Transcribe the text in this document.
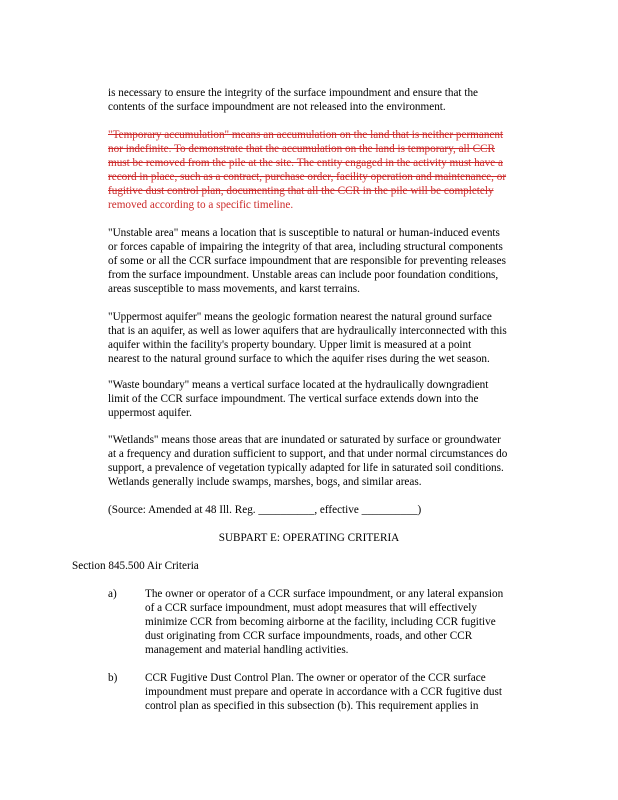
is necessary to ensure the integrity of the surface impoundment and ensure that the
contents of the surface impoundment are not released into the environment.
"Temporary accumulation" means an accumulation on the land that is neither permanent
nor indefinite. To demonstrate that the accumulation on the land is temporary, all CCR
must be removed from the pile at the site. The entity engaged in the activity must have a
record in place, such as a contract, purchase order, facility operation and maintenance, or
fugitive dust control plan, documenting that all the CCR in the pile will be completely
removed according to a specific timeline.
"Unstable area" means a location that is susceptible to natural or human-induced events
or forces capable of impairing the integrity of that area, including structural components
of some or all the CCR surface impoundment that are responsible for preventing releases
from the surface impoundment. Unstable areas can include poor foundation conditions,
areas susceptible to mass movements, and karst terrains.
"Uppermost aquifer" means the geologic formation nearest the natural ground surface
that is an aquifer, as well as lower aquifers that are hydraulically interconnected with this
aquifer within the facility's property boundary. Upper limit is measured at a point
nearest to the natural ground surface to which the aquifer rises during the wet season.
"Waste boundary" means a vertical surface located at the hydraulically downgradient
limit of the CCR surface impoundment. The vertical surface extends down into the
uppermost aquifer.
"Wetlands" means those areas that are inundated or saturated by surface or groundwater
at a frequency and duration sufficient to support, and that under normal circumstances do
support, a prevalence of vegetation typically adapted for life in saturated soil conditions.
Wetlands generally include swamps, marshes, bogs, and similar areas.
(Source: Amended at 48 Ill. Reg. __________, effective __________)
SUBPART E: OPERATING CRITERIA
Section 845.500 Air Criteria
a)	The owner or operator of a CCR surface impoundment, or any lateral expansion
of a CCR surface impoundment, must adopt measures that will effectively
minimize CCR from becoming airborne at the facility, including CCR fugitive
dust originating from CCR surface impoundments, roads, and other CCR
management and material handling activities.
b) CCR Fugitive Dust Control Plan. The owner or operator of the CCR surface
impoundment must prepare and operate in accordance with a CCR fugitive dust
control plan as specified in this subsection (b). This requirement applies in
